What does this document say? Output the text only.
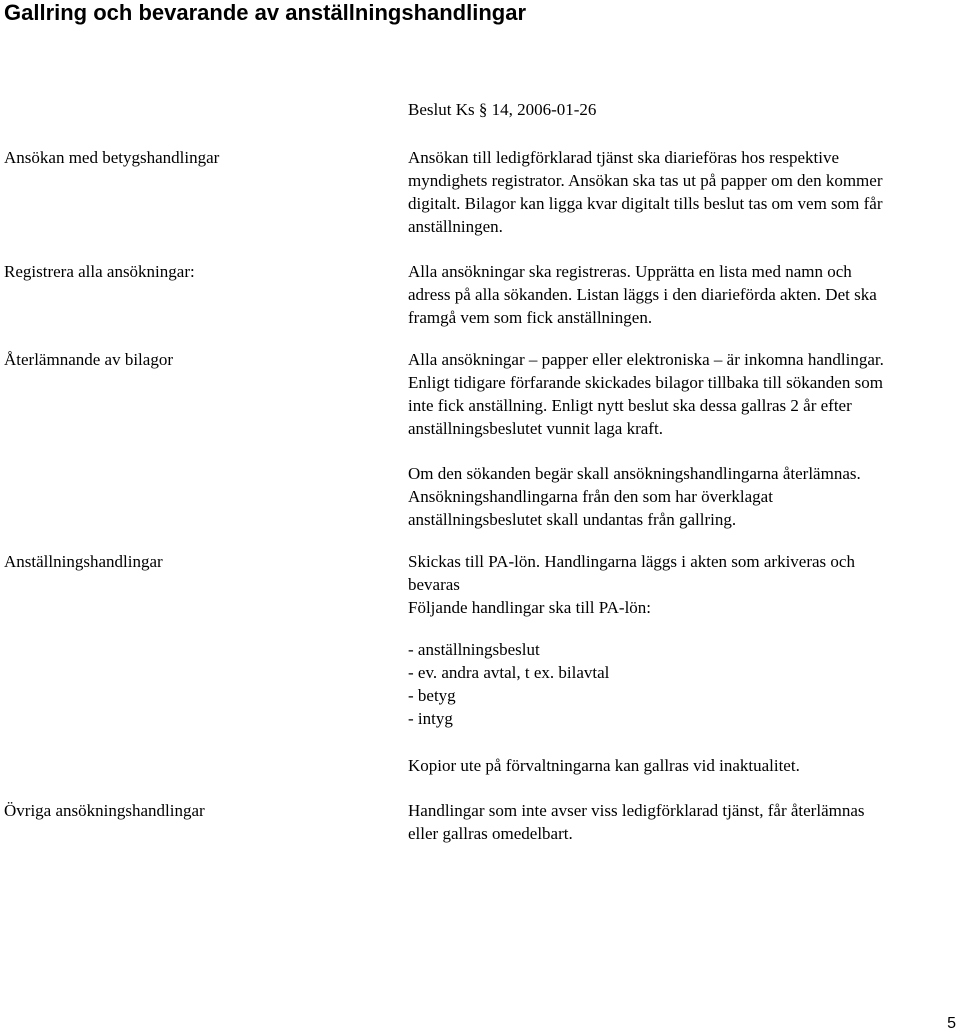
Gallring och bevarande av anställningshandlingar

Beslut Ks § 14, 2006-01-26

Ansökan med betygshandlingar	Ansökan till ledigförklarad tjänst ska diarieföras hos respektive
myndighets registrator. Ansökan ska tas ut på papper om den kommer
digitalt. Bilagor kan ligga kvar digitalt tills beslut tas om vem som får
anställningen.

Registrera alla ansökningar:	Alla ansökningar ska registreras. Upprätta en lista med namn och
adress på alla sökanden. Listan läggs i den diarieförda akten. Det ska
framgå vem som fick anställningen.

Återlämnande av bilagor	Alla ansökningar – papper eller elektroniska – är inkomna handlingar.
Enligt tidigare förfarande skickades bilagor tillbaka till sökanden som
inte fick anställning. Enligt nytt beslut ska dessa gallras 2 år efter
anställningsbeslutet vunnit laga kraft.

Om den sökanden begär skall ansökningshandlingarna återlämnas.
Ansökningshandlingarna från den som har överklagat
anställningsbeslutet skall undantas från gallring.

Anställningshandlingar	Skickas till PA-lön. Handlingarna läggs i akten som arkiveras och
bevaras
Följande handlingar ska till PA-lön:

- anställningsbeslut
- ev. andra avtal, t ex. bilavtal
- betyg
- intyg

Kopior ute på förvaltningarna kan gallras vid inaktualitet.

Övriga ansökningshandlingar	Handlingar som inte avser viss ledigförklarad tjänst, får återlämnas
eller gallras omedelbart.

5
